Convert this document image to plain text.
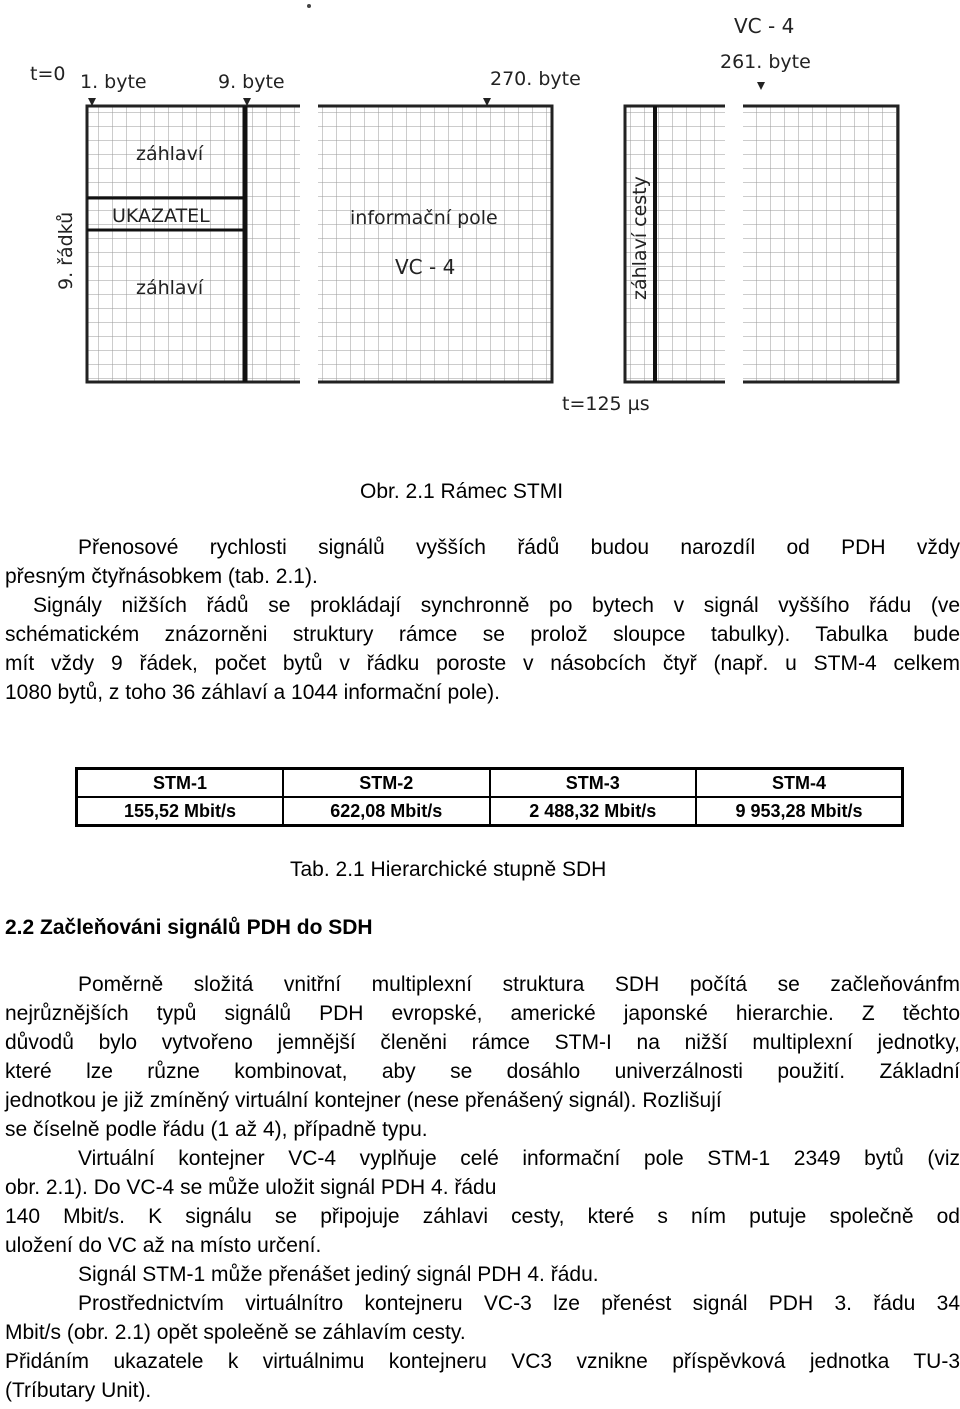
t=0 1. byte	9. byte	270. byte
VC - 4
261. byte
záhlaví
UKAZATEL
záhlaví
informační pole
VC - 4
9. řádků	záhlaví cesty
t=125 µs
Obr. 2.1 Rámec STMI
Přenosové rychlosti signálů vyšších řádů budou narozdíl od PDH vždy
přesným čtyřnásobkem (tab. 2.1).
Signály nižších řádů se prokládají synchronně po bytech v signál vyššího řádu (ve
schématickém znázorněni struktury rámce se prolož sloupce tabulky). Tabulka bude
mít vždy 9 řádek, počet bytů v řádku poroste v násobcích čtyř (např. u STM-4 celkem
1080 bytů, z toho 36 záhlaví a 1044 informační pole).
STM-1	STM-2	STM-3	STM-4
155,52 Mbit/s	622,08 Mbit/s	2 488,32 Mbit/s	9 953,28 Mbit/s
Tab. 2.1 Hierarchické stupně SDH
2.2 Začleňováni signálů PDH do SDH
Poměrně složitá vnitřní multiplexní struktura SDH počítá se začleňovánfm
nejrůznějších typů signálů PDH evropské, americké japonské hierarchie. Z těchto
důvodů bylo vytvořeno jemnější členěni rámce STM-I na nižší multiplexní jednotky,
které lze různe kombinovat, aby se dosáhlo univerzálnosti použití. Základní
jednotkou je již zmíněný virtuální kontejner (nese přenášený signál). Rozlišují
se číselně podle řádu (1 až 4), případně typu.
Virtuální kontejner VC-4 vyplňuje celé informační pole STM-1 2349 bytů (viz
obr. 2.1). Do VC-4 se může uložit signál PDH 4. řádu
140 Mbit/s. K signálu se připojuje záhlavi cesty, které s ním putuje společně od
uložení do VC až na místo určení.
Signál STM-1 může přenášet jediný signál PDH 4. řádu.
Prostřednictvím virtuálnítro kontejneru VC-3 lze přenést signál PDH 3. řádu 34
Mbit/s (obr. 2.1) opět spoleěně se záhlavím cesty.
Přidáním ukazatele k virtuálnimu kontejneru VC3 vznikne příspěvková jednotka TU-3
(Tríbutary Unit).
